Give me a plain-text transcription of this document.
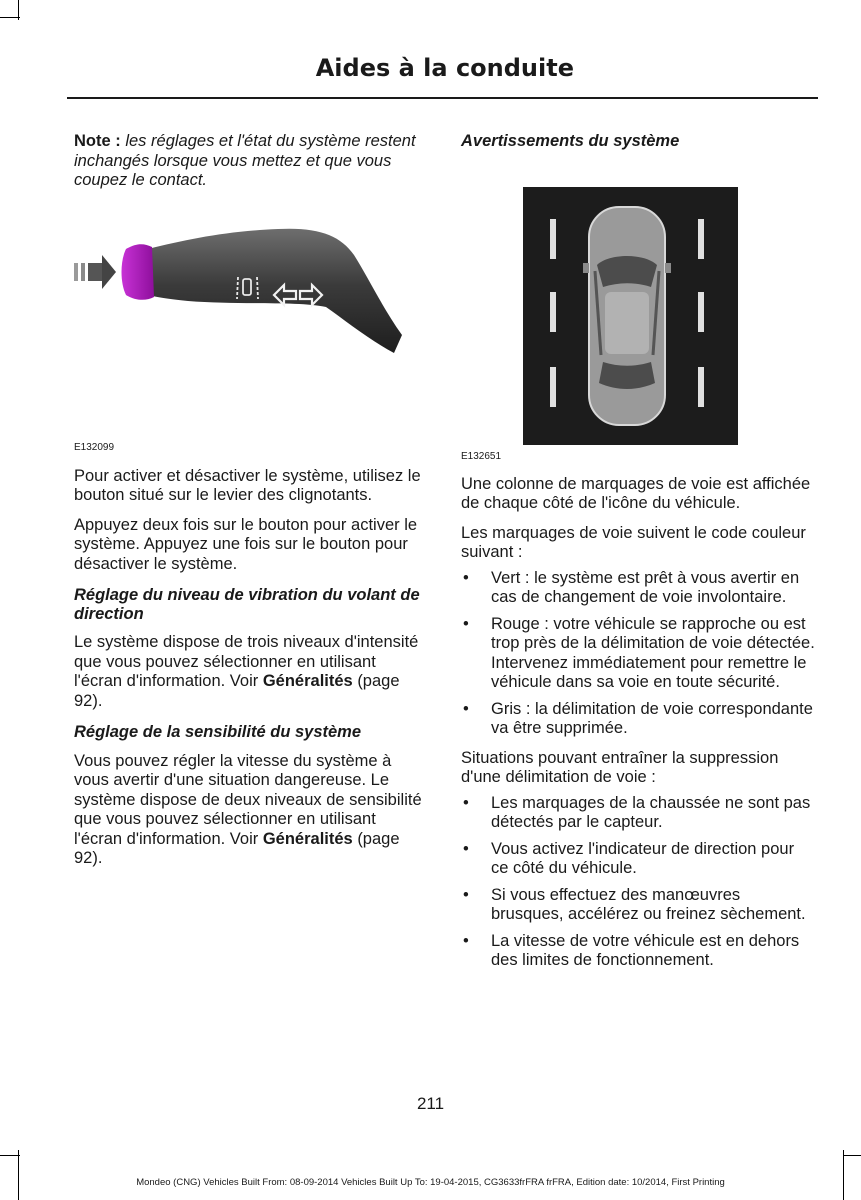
Aides à la conduite

Note : les réglages et l'état du système restent inchangés lorsque vous mettez et que vous coupez le contact.

E132099

Pour activer et désactiver le système, utilisez le bouton situé sur le levier des clignotants.

Appuyez deux fois sur le bouton pour activer le système. Appuyez une fois sur le bouton pour désactiver le système.

Réglage du niveau de vibration du volant de direction

Le système dispose de trois niveaux d'intensité que vous pouvez sélectionner en utilisant l'écran d'information. Voir Généralités (page 92).

Réglage de la sensibilité du système

Vous pouvez régler la vitesse du système à vous avertir d'une situation dangereuse. Le système dispose de deux niveaux de sensibilité que vous pouvez sélectionner en utilisant l'écran d'information. Voir Généralités (page 92).

Avertissements du système
E132651

Une colonne de marquages de voie est affichée de chaque côté de l'icône du véhicule.

Les marquages de voie suivent le code couleur suivant :

• Vert : le système est prêt à vous avertir en cas de changement de voie involontaire.
• Rouge : votre véhicule se rapproche ou est trop près de la délimitation de voie détectée. Intervenez immédiatement pour remettre le véhicule dans sa voie en toute sécurité.
• Gris : la délimitation de voie correspondante va être supprimée.

Situations pouvant entraîner la suppression d'une délimitation de voie :

• Les marquages de la chaussée ne sont pas détectés par le capteur.
• Vous activez l'indicateur de direction pour ce côté du véhicule.
• Si vous effectuez des manœuvres brusques, accélérez ou freinez sèchement.
• La vitesse de votre véhicule est en dehors des limites de fonctionnement.
211
Mondeo (CNG) Vehicles Built From: 08-09-2014 Vehicles Built Up To: 19-04-2015, CG3633frFRA frFRA, Edition date: 10/2014, First Printing
